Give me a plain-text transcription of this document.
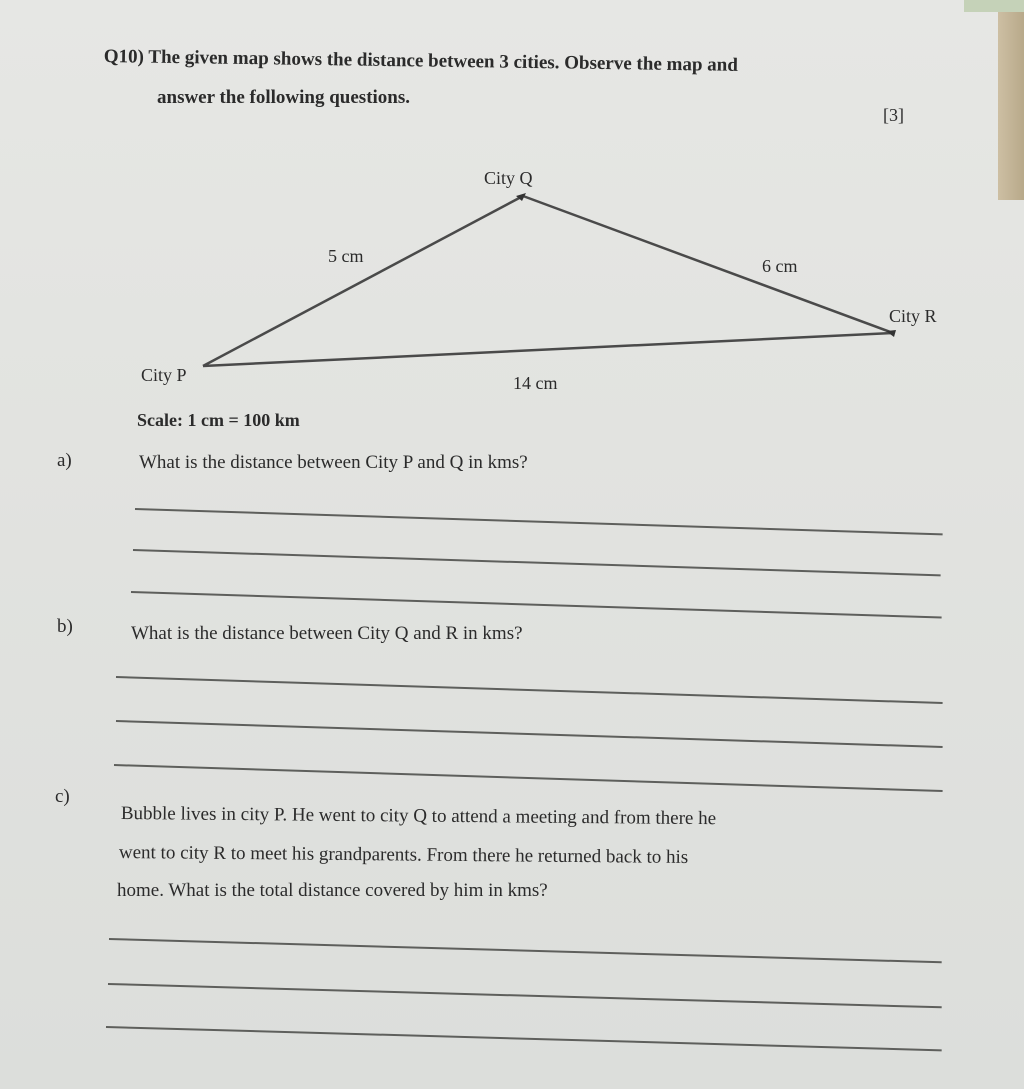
Q10) The given map shows the distance between 3 cities. Observe the map and
answer the following questions.
[3]
City Q
City R
City P
5 cm	6 cm
14 cm
Scale: 1 cm = 100 km
a)	What is the distance between City P and Q in kms?
b)	What is the distance between City Q and R in kms?
c)
Bubble lives in city P. He went to city Q to attend a meeting and from there he
went to city R to meet his grandparents. From there he returned back to his
home. What is the total distance covered by him in kms?
